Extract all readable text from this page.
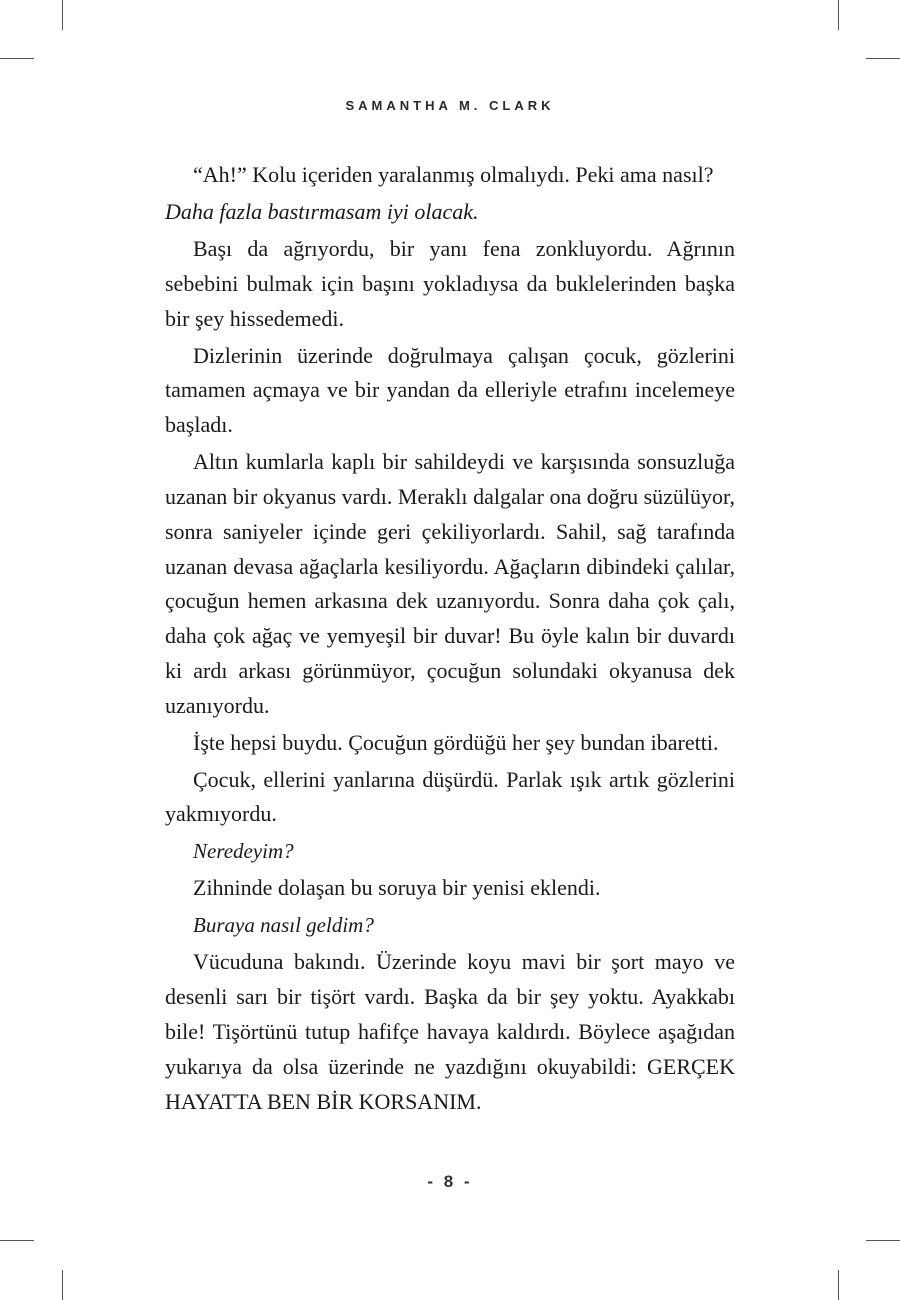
SAMANTHA M. CLARK

“Ah!” Kolu içeriden yaralanmış olmalıydı. Peki ama nasıl?

Daha fazla bastırmasam iyi olacak.

Başı da ağrıyordu, bir yanı fena zonkluyordu. Ağrının sebebini bulmak için başını yokladıysa da buklelerinden başka bir şey hissedemedi.

Dizlerinin üzerinde doğrulmaya çalışan çocuk, gözlerini tamamen açmaya ve bir yandan da elleriyle etrafını incelemeye başladı.

Altın kumlarla kaplı bir sahildeydi ve karşısında sonsuzluğa uzanan bir okyanus vardı. Meraklı dalgalar ona doğru süzülüyor, sonra saniyeler içinde geri çekiliyorlardı. Sahil, sağ tarafında uzanan devasa ağaçlarla kesiliyordu. Ağaçların dibindeki çalılar, çocuğun hemen arkasına dek uzanıyordu. Sonra daha çok çalı, daha çok ağaç ve yemyeşil bir duvar! Bu öyle kalın bir duvardı ki ardı arkası görünmüyor, çocuğun solundaki okyanusa dek uzanıyordu.

İşte hepsi buydu. Çocuğun gördüğü her şey bundan ibaretti.

Çocuk, ellerini yanlarına düşürdü. Parlak ışık artık gözlerini yakmıyordu.

Neredeyim?

Zihninde dolaşan bu soruya bir yenisi eklendi.

Buraya nasıl geldim?

Vücuduna bakındı. Üzerinde koyu mavi bir şort mayo ve desenli sarı bir tişört vardı. Başka da bir şey yoktu. Ayakkabı bile! Tişörtünü tutup hafifçe havaya kaldırdı. Böylece aşağıdan yukarıya da olsa üzerinde ne yazdığını okuyabildi: GERÇEK HAYATTA BEN BİR KORSANIM.

- 8 -
